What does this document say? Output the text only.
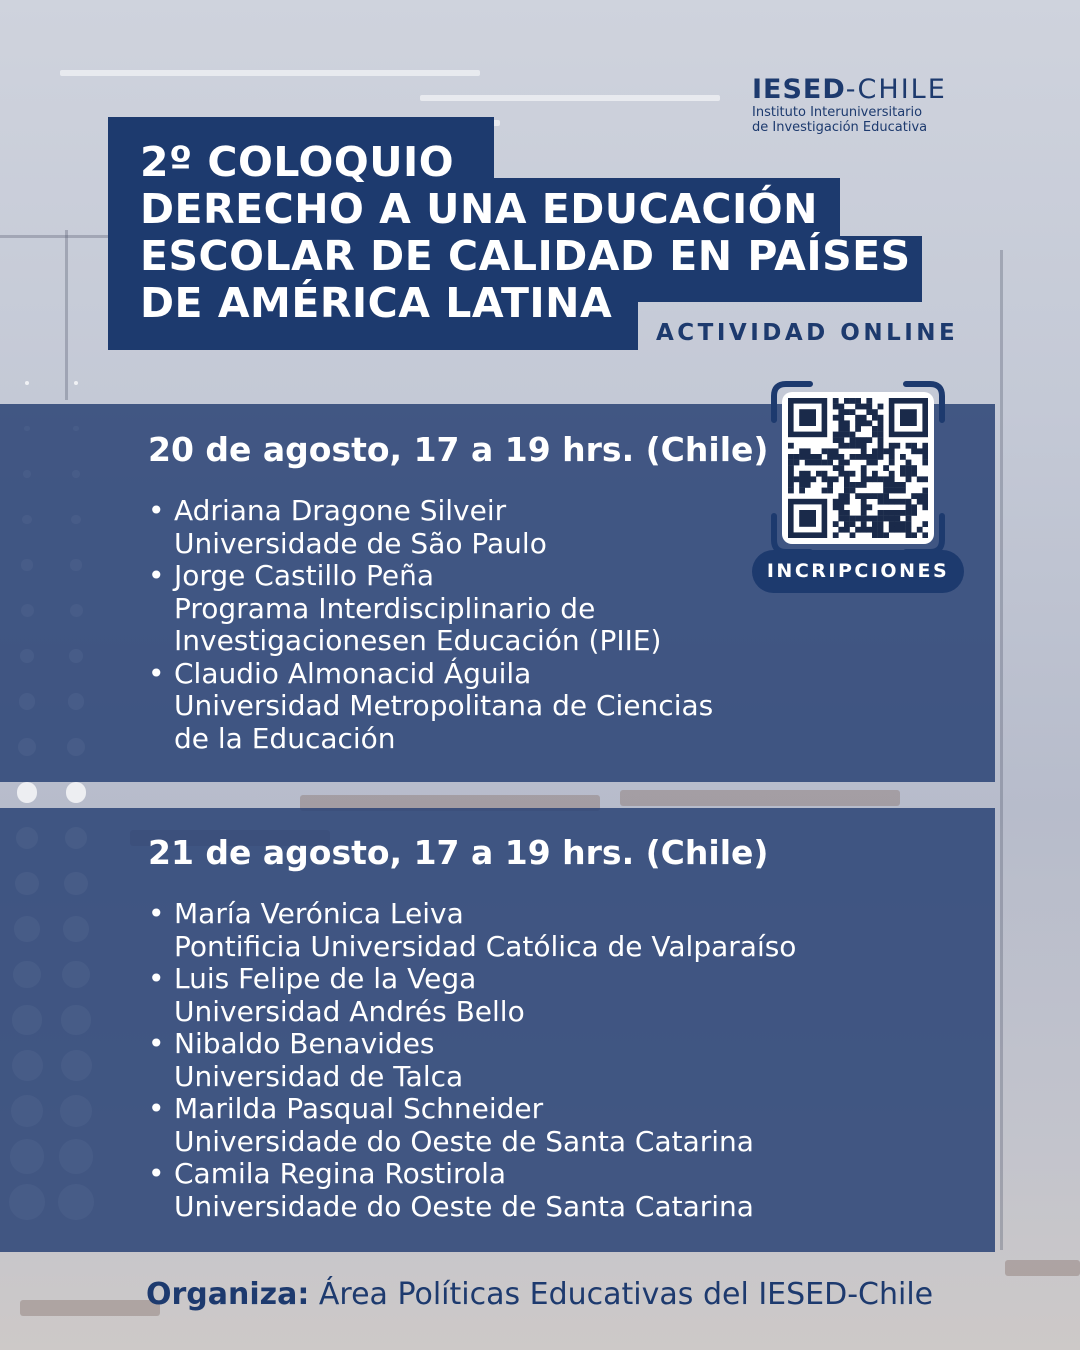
2º COLOQUIO
DERECHO A UNA EDUCACIÓN
ESCOLAR DE CALIDAD EN PAÍSES
DE AMÉRICA LATINA
IESED-CHILE
Instituto Interuniversitario
de Investigación Educativa
ACTIVIDAD ONLINE
20 de agosto, 17 a 19 hrs. (Chile)
• Adriana Dragone Silveir
Universidade de São Paulo
• Jorge Castillo Peña
Programa Interdisciplinario de
Investigacionesen Educación (PIIE)
• Claudio Almonacid Águila
Universidad Metropolitana de Ciencias
de la Educación
INCRIPCIONES
21 de agosto, 17 a 19 hrs. (Chile)
• María Verónica Leiva
Pontificia Universidad Católica de Valparaíso
• Luis Felipe de la Vega
Universidad Andrés Bello
• Nibaldo Benavides
Universidad de Talca
• Marilda Pasqual Schneider
Universidade do Oeste de Santa Catarina
• Camila Regina Rostirola
Universidade do Oeste de Santa Catarina
Organiza: Área Políticas Educativas del IESED-Chile
